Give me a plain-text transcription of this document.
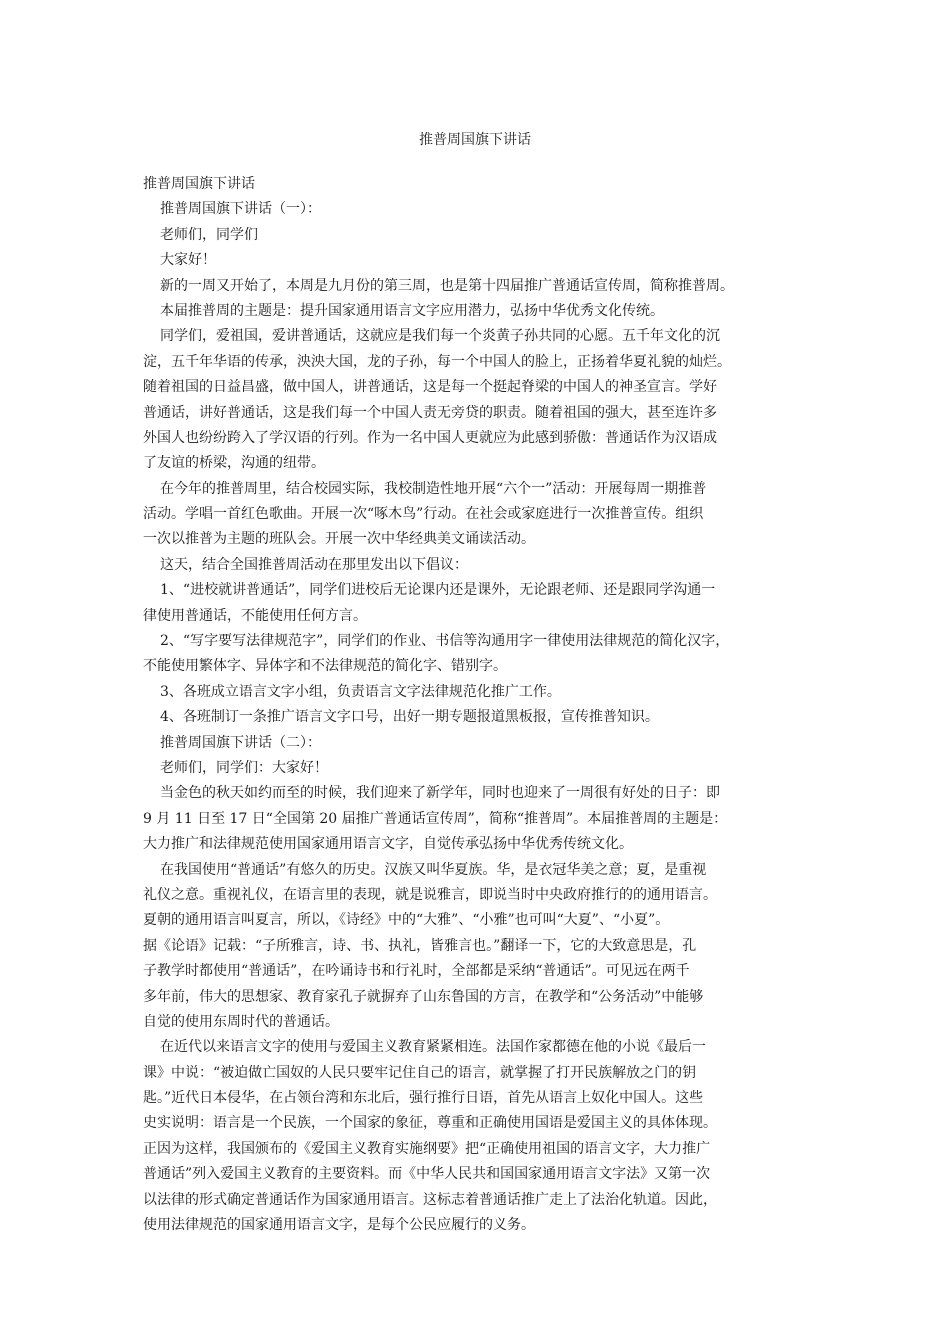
推普周国旗下讲话
推普周国旗下讲话
推普周国旗下讲话（一）：
老师们，同学们
大家好！
新的一周又开始了，本周是九月份的第三周，也是第十四届推广普通话宣传周，简称推普周。
本届推普周的主题是：提升国家通用语言文字应用潜力，弘扬中华优秀文化传统。
同学们，爱祖国，爱讲普通话，这就应是我们每一个炎黄子孙共同的心愿。五千年文化的沉
淀，五千年华语的传承，泱泱大国，龙的子孙，每一个中国人的脸上，正扬着华夏礼貌的灿烂。
随着祖国的日益昌盛，做中国人，讲普通话，这是每一个挺起脊梁的中国人的神圣宣言。学好
普通话，讲好普通话，这是我们每一个中国人责无旁贷的职责。随着祖国的强大，甚至连许多
外国人也纷纷跨入了学汉语的行列。作为一名中国人更就应为此感到骄傲：普通话作为汉语成
了友谊的桥梁，沟通的纽带。
在今年的推普周里，结合校园实际，我校制造性地开展“六个一”活动：开展每周一期推普
活动。学唱一首红色歌曲。开展一次“啄木鸟”行动。在社会或家庭进行一次推普宣传。组织
一次以推普为主题的班队会。开展一次中华经典美文诵读活动。
这天，结合全国推普周活动在那里发出以下倡议：
1、“进校就讲普通话”，同学们进校后无论课内还是课外，无论跟老师、还是跟同学沟通一
律使用普通话，不能使用任何方言。
2、“写字要写法律规范字”，同学们的作业、书信等沟通用字一律使用法律规范的简化汉字，
不能使用繁体字、异体字和不法律规范的简化字、错别字。
3、各班成立语言文字小组，负责语言文字法律规范化推广工作。
4、各班制订一条推广语言文字口号，出好一期专题报道黑板报，宣传推普知识。
推普周国旗下讲话（二）：
老师们，同学们：大家好！
当金色的秋天如约而至的时候，我们迎来了新学年，同时也迎来了一周很有好处的日子：即
9 月 11 日至 17 日“全国第 20 届推广普通话宣传周”，简称“推普周”。本届推普周的主题是：
大力推广和法律规范使用国家通用语言文字，自觉传承弘扬中华优秀传统文化。
在我国使用“普通话”有悠久的历史。汉族又叫华夏族。华，是衣冠华美之意；夏，是重视
礼仪之意。重视礼仪，在语言里的表现，就是说雅言，即说当时中央政府推行的的通用语言。
夏朝的通用语言叫夏言，所以，《诗经》中的“大雅”、“小雅”也可叫“大夏”、“小夏”。
据《论语》记载：“子所雅言，诗、书、执礼，皆雅言也。”翻译一下，它的大致意思是，孔
子教学时都使用“普通话”，在吟诵诗书和行礼时，全部都是采纳“普通话”。可见远在两千
多年前，伟大的思想家、教育家孔子就摒弃了山东鲁国的方言，在教学和“公务活动”中能够
自觉的使用东周时代的普通话。
在近代以来语言文字的使用与爱国主义教育紧紧相连。法国作家都德在他的小说《最后一
课》中说：“被迫做亡国奴的人民只要牢记住自己的语言，就掌握了打开民族解放之门的钥
匙。”近代日本侵华，在占领台湾和东北后，强行推行日语，首先从语言上奴化中国人。这些
史实说明：语言是一个民族，一个国家的象征，尊重和正确使用国语是爱国主义的具体体现。
正因为这样，我国颁布的《爱国主义教育实施纲要》把“正确使用祖国的语言文字，大力推广
普通话”列入爱国主义教育的主要资料。而《中华人民共和国国家通用语言文字法》又第一次
以法律的形式确定普通话作为国家通用语言。这标志着普通话推广走上了法治化轨道。因此，
使用法律规范的国家通用语言文字，是每个公民应履行的义务。
